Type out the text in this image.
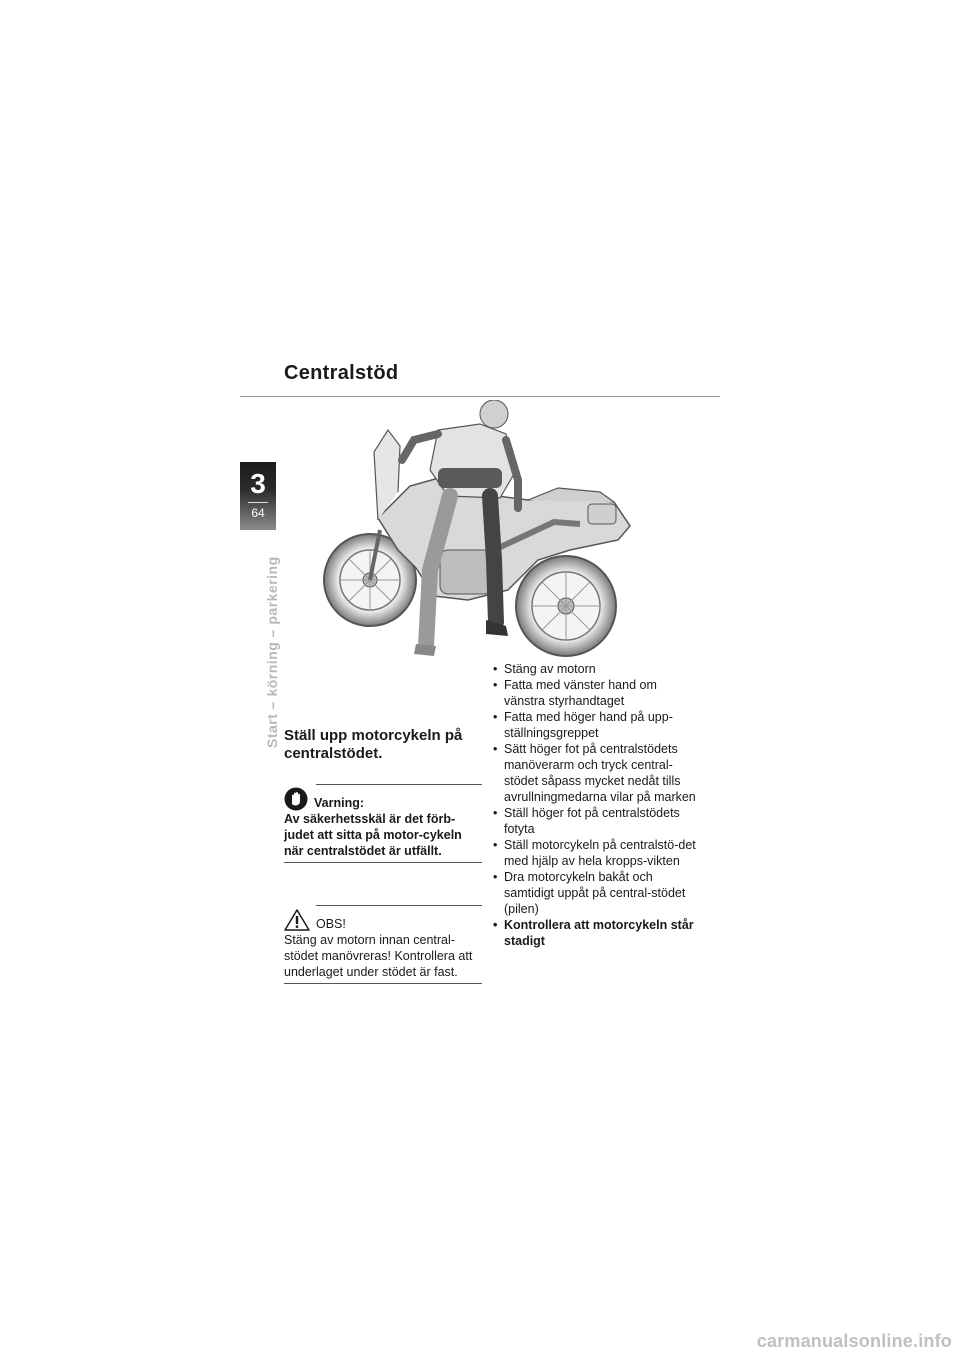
Centralstöd
3
64
Start – körning – parkering Ställ upp motorcykeln på centralstödet.
Varning:
Av säkerhetsskäl är det förb-judet att sitta på motor-cykeln när centralstödet är utfällt.
OBS!
Stäng av motorn innan central-stödet manövreras! Kontrollera att underlaget under stödet är fast.
• Stäng av motorn
• Fatta med vänster hand om vänstra styrhandtaget
• Fatta med höger hand på upp-ställningsgreppet
• Sätt höger fot på centralstödets manöverarm och tryck central-stödet såpass mycket nedåt tills avrullningmedarna vilar på marken
• Ställ höger fot på centralstödets fotyta
• Ställ motorcykeln på centralstö-det med hjälp av hela kropps-vikten
• Dra motorcykeln bakåt och samtidigt uppåt på central-stödet (pilen)
• Kontrollera att motorcykeln står stadigt
carmanualsonline.info
